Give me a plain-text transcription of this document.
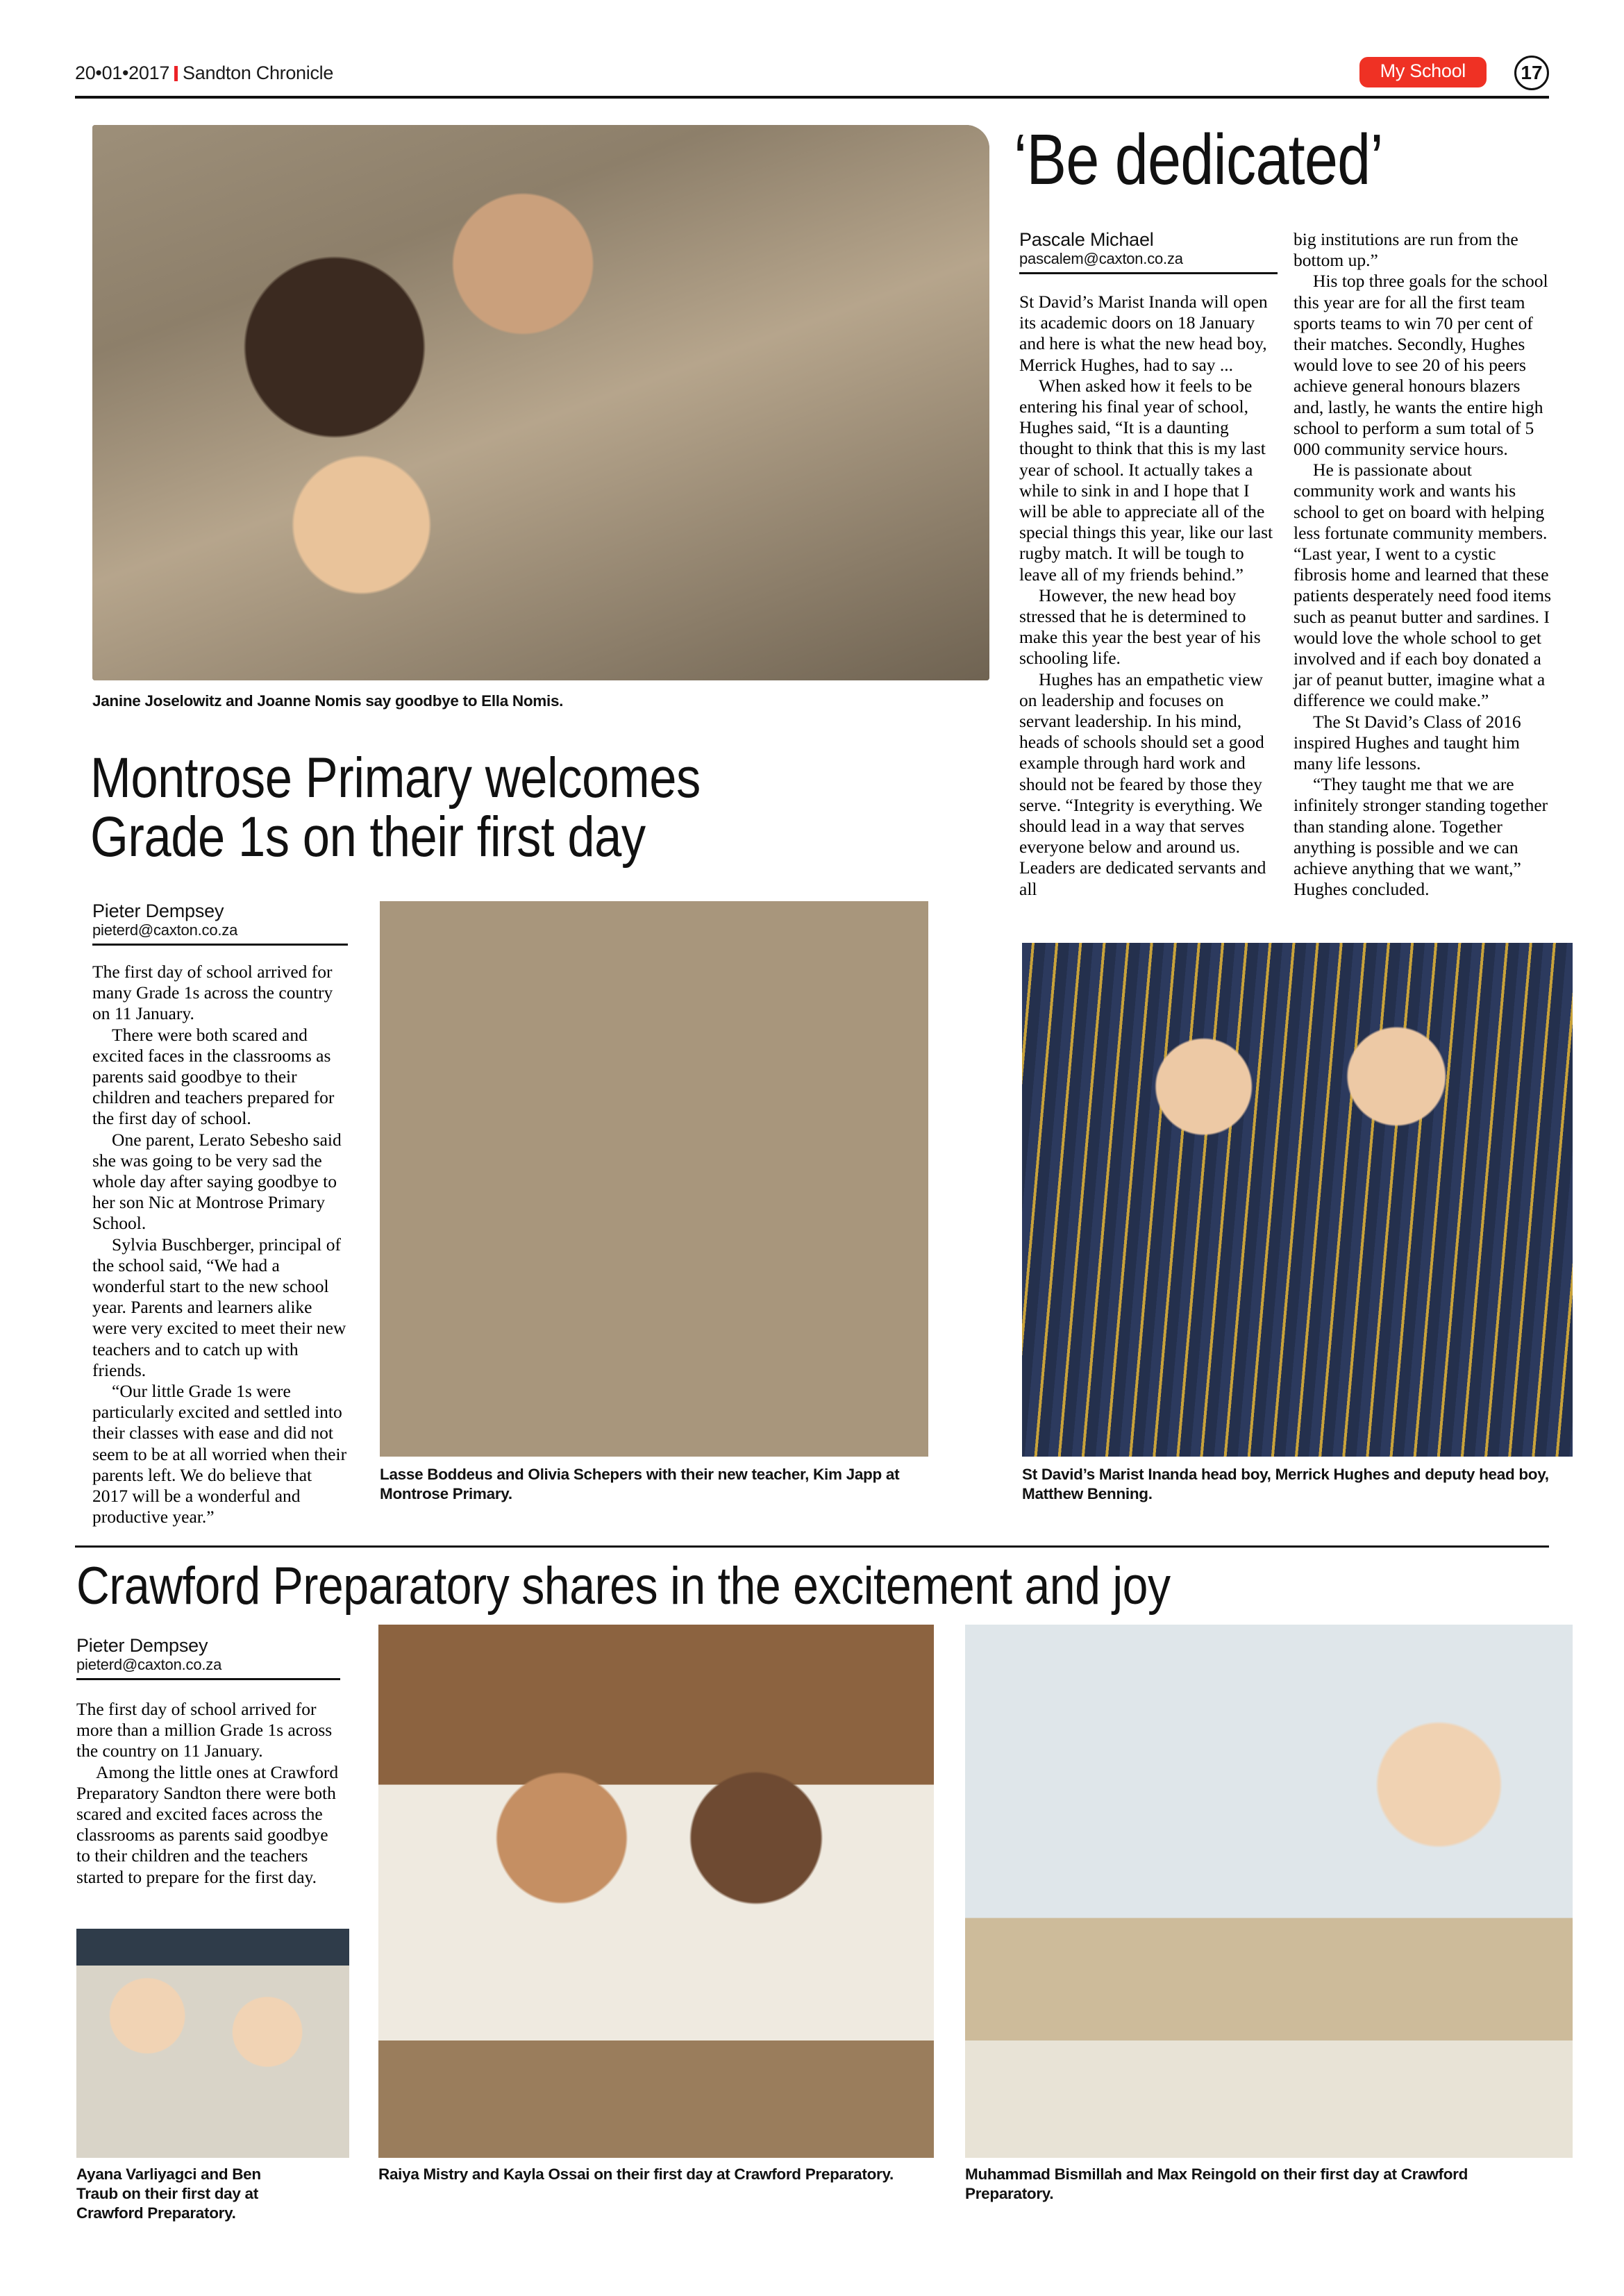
20•01•2017 Sandton Chronicle	My School	17
Janine Joselowitz and Joanne Nomis say goodbye to Ella Nomis.
Montrose Primary welcomes
Grade 1s on their first day
Pieter Dempsey
pieterd@caxton.co.za

The first day of school arrived for many Grade 1s across the country on 11 January.

There were both scared and excited faces in the classrooms as parents said goodbye to their children and teachers prepared for the first day of school.

One parent, Lerato Sebesho said she was going to be very sad the whole day after saying goodbye to her son Nic at Montrose Primary School.

Sylvia Buschberger, principal of the school said, “We had a wonderful start to the new school year. Parents and learners alike were very excited to meet their new teachers and to catch up with friends.

“Our little Grade 1s were particularly excited and settled into their classes with ease and did not seem to be at all worried when their parents left. We do believe that 2017 will be a wonderful and productive year.”

Lasse Boddeus and Olivia Schepers with their new teacher, Kim Japp at Montrose Primary.
‘Be dedicated’
Pascale Michael
pascalem@caxton.co.za

St David’s Marist Inanda will open its academic doors on 18 January and here is what the new head boy, Merrick Hughes, had to say ...

When asked how it feels to be entering his final year of school, Hughes said, “It is a daunting thought to think that this is my last year of school. It actually takes a while to sink in and I hope that I will be able to appreciate all of the special things this year, like our last rugby match. It will be tough to leave all of my friends behind.”

However, the new head boy stressed that he is determined to make this year the best year of his schooling life.

Hughes has an empathetic view on leadership and focuses on servant leadership. In his mind, heads of schools should set a good example through hard work and should not be feared by those they serve. “Integrity is everything. We should lead in a way that serves everyone below and around us. Leaders are dedicated servants and all

big institutions are run from the bottom up.”

His top three goals for the school this year are for all the first team sports teams to win 70 per cent of their matches. Secondly, Hughes would love to see 20 of his peers achieve general honours blazers and, lastly, he wants the entire high school to perform a sum total of 5 000 community service hours.

He is passionate about community work and wants his school to get on board with helping less fortunate community members. “Last year, I went to a cystic fibrosis home and learned that these patients desperately need food items such as peanut butter and sardines. I would love the whole school to get involved and if each boy donated a jar of peanut butter, imagine what a difference we could make.”

The St David’s Class of 2016 inspired Hughes and taught him many life lessons.

“They taught me that we are infinitely stronger standing together than standing alone. Together anything is possible and we can achieve anything that we want,” Hughes concluded.

St David’s Marist Inanda head boy, Merrick Hughes and deputy head boy, Matthew Benning.
Crawford Preparatory shares in the excitement and joy
Pieter Dempsey
pieterd@caxton.co.za

The first day of school arrived for more than a million Grade 1s across the country on 11 January.

Among the little ones at Crawford Preparatory Sandton there were both scared and excited faces across the classrooms as parents said goodbye to their children and the teachers started to prepare for the first day.

Ayana Varliyagci and Ben Traub on their first day at Crawford Preparatory.
Raiya Mistry and Kayla Ossai on their first day at Crawford Preparatory.	Muhammad Bismillah and Max Reingold on their first day at Crawford Preparatory.
